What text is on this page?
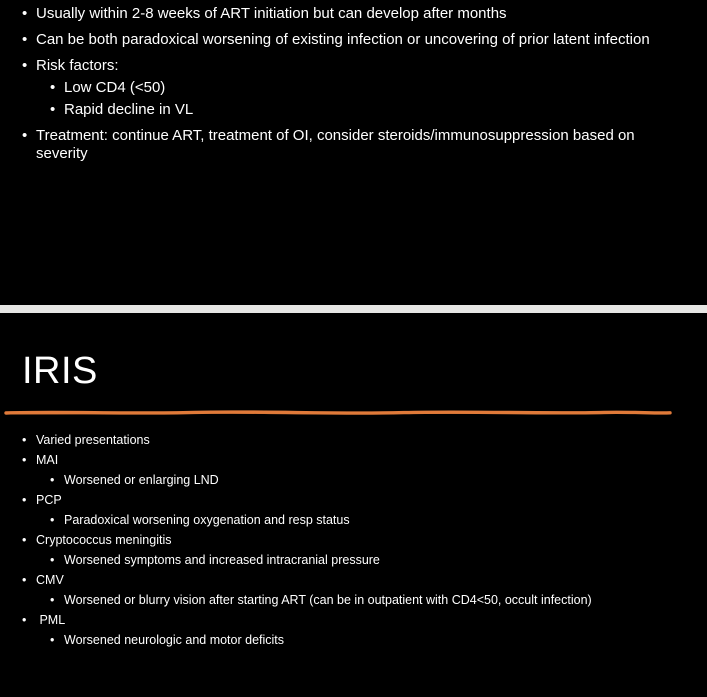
• Usually within 2-8 weeks of ART initiation but can develop after months
• Can be both paradoxical worsening of existing infection or uncovering of prior latent infection
• Risk factors:
• Low CD4 (<50)
• Rapid decline in VL
• Treatment: continue ART, treatment of OI, consider steroids/immunosuppression based on severity
IRIS
• Varied presentations
• MAI
• Worsened or enlarging LND
• PCP
• Paradoxical worsening oxygenation and resp status
• Cryptococcus meningitis
• Worsened symptoms and increased intracranial pressure
• CMV
• Worsened or blurry vision after starting ART (can be in outpatient with CD4<50, occult infection)
• PML
• Worsened neurologic and motor deficits
